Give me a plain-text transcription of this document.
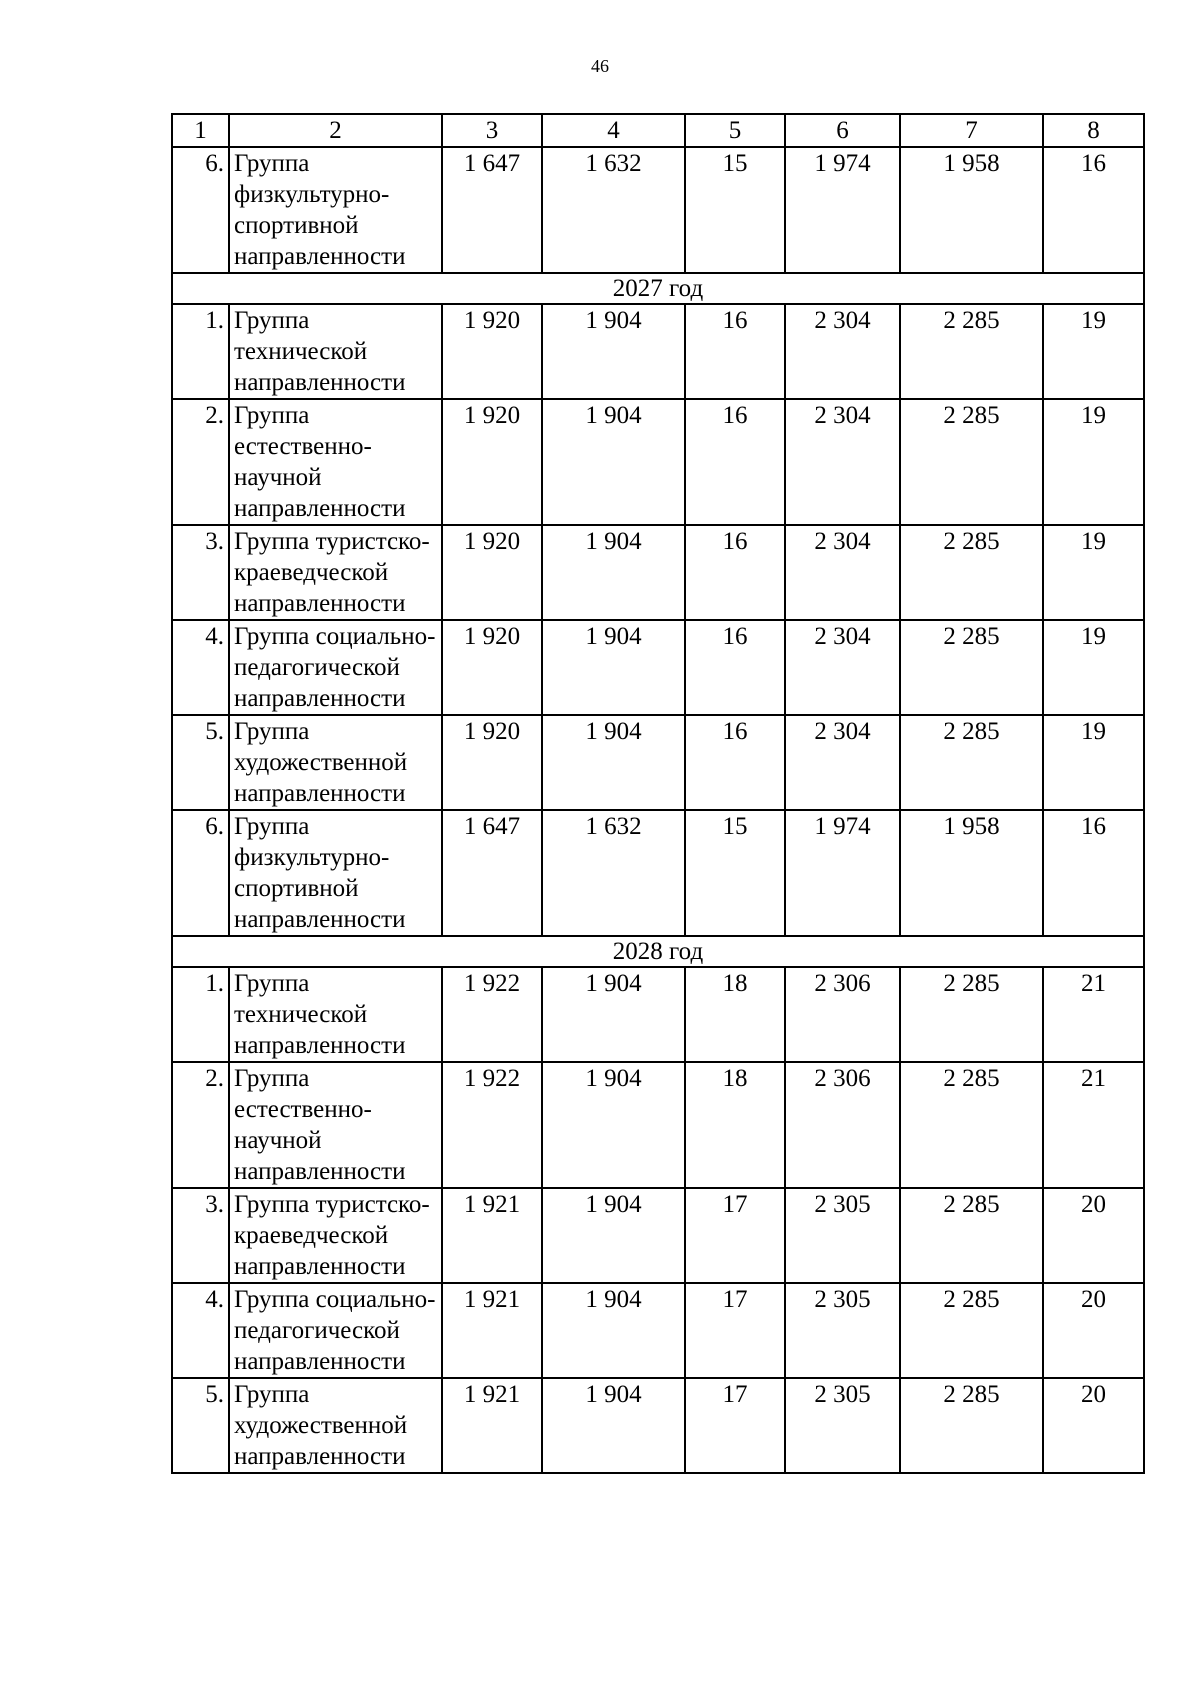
46
1	2	3	4	5	6	7	8
6.	Группа физкультурно-спортивной направленности	1 647	1 632	15	1 974	1 958	16
2027 год							
1.	Группа технической направленности	1 920	1 904	16	2 304	2 285	19
2.	Группа естественно-научной направленности	1 920	1 904	16	2 304	2 285	19
3.	Группа туристско-краеведческой направленности	1 920	1 904	16	2 304	2 285	19
4.	Группа социально-педагогической направленности	1 920	1 904	16	2 304	2 285	19
5.	Группа художественной направленности	1 920	1 904	16	2 304	2 285	19
6.	Группа физкультурно-спортивной направленности	1 647	1 632	15	1 974	1 958	16
2028 год							
1.	Группа технической направленности	1 922	1 904	18	2 306	2 285	21
2.	Группа естественно-научной направленности	1 922	1 904	18	2 306	2 285	21
3.	Группа туристско-краеведческой направленности	1 921	1 904	17	2 305	2 285	20
4.	Группа социально-педагогической направленности	1 921	1 904	17	2 305	2 285	20
5.	Группа художественной направленности	1 921	1 904	17	2 305	2 285	20
